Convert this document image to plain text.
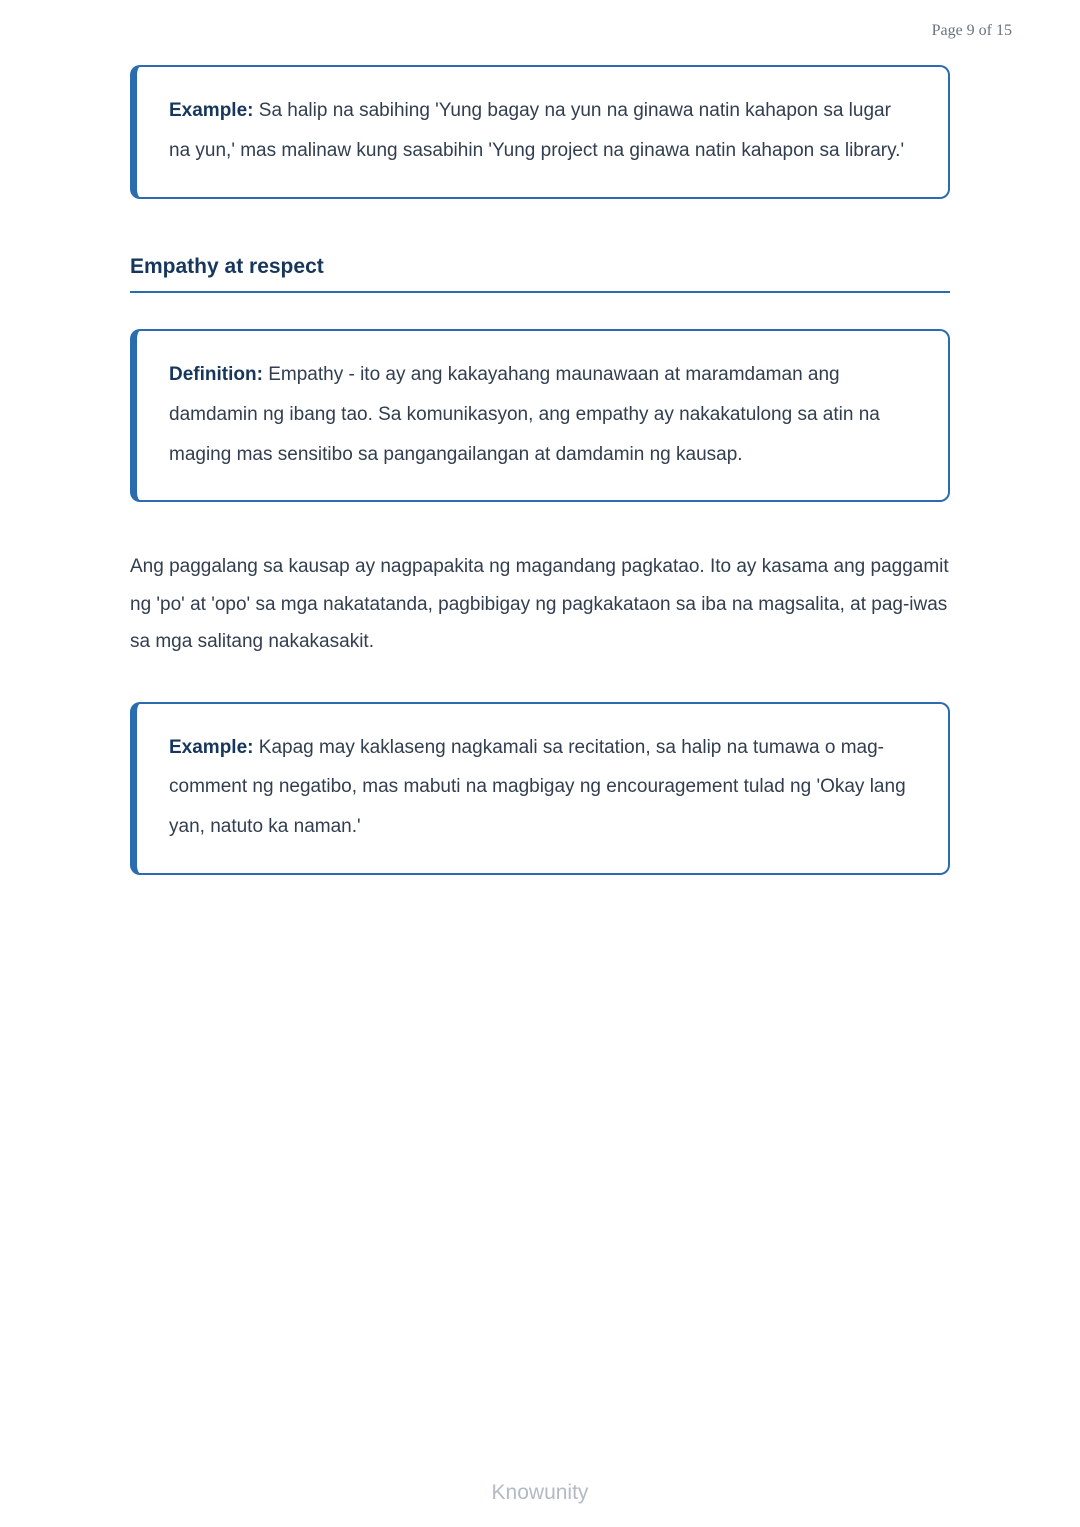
Page 9 of 15

Example: Sa halip na sabihing 'Yung bagay na yun na ginawa natin kahapon sa lugar na yun,' mas malinaw kung sasabihin 'Yung project na ginawa natin kahapon sa library.'

Empathy at respect

Definition: Empathy - ito ay ang kakayahang maunawaan at maramdaman ang damdamin ng ibang tao. Sa komunikasyon, ang empathy ay nakakatulong sa atin na maging mas sensitibo sa pangangailangan at damdamin ng kausap.

Ang paggalang sa kausap ay nagpapakita ng magandang pagkatao. Ito ay kasama ang paggamit ng 'po' at 'opo' sa mga nakatatanda, pagbibigay ng pagkakataon sa iba na magsalita, at pag-iwas sa mga salitang nakakasakit.

Example: Kapag may kaklaseng nagkamali sa recitation, sa halip na tumawa o mag-comment ng negatibo, mas mabuti na magbigay ng encouragement tulad ng 'Okay lang yan, natuto ka naman.'

Knowunity
